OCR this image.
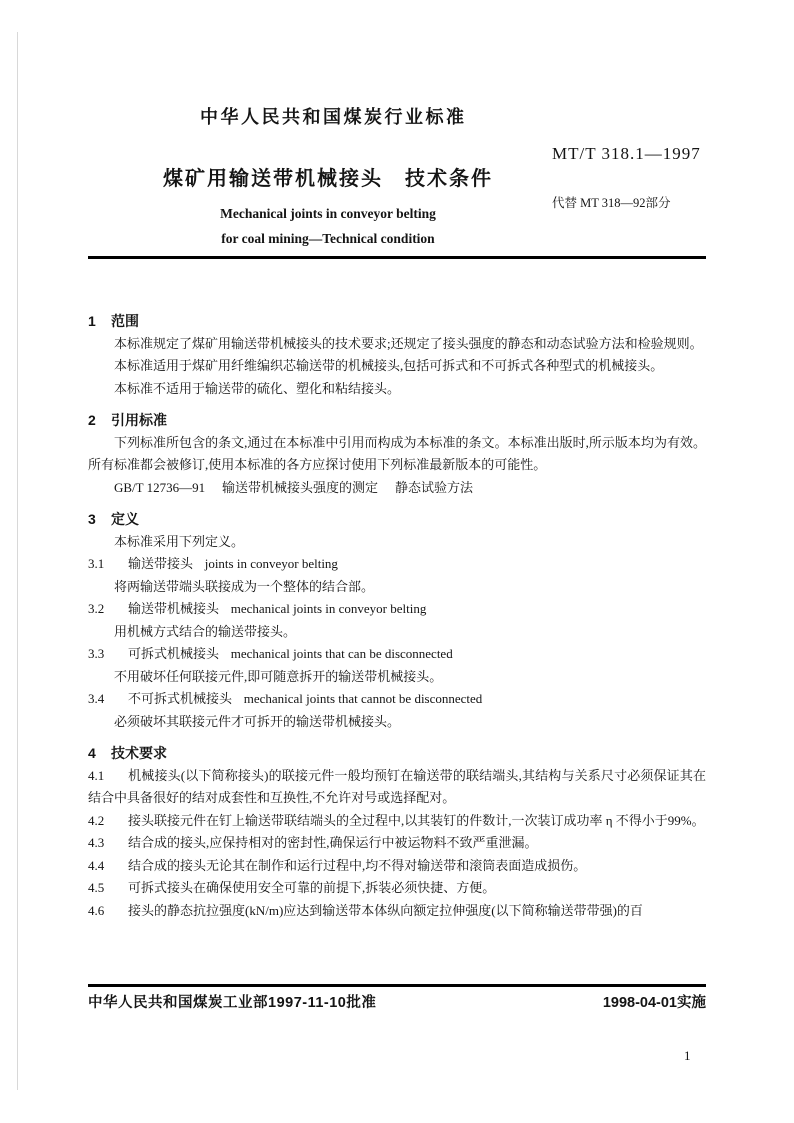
中华人民共和国煤炭行业标准
煤矿用输送带机械接头 技术条件
MT/T 318.1—1997
代替 MT 318—92部分
Mechanical joints in conveyor belting
for coal mining—Technical condition
1 范围

本标准规定了煤矿用输送带机械接头的技术要求;还规定了接头强度的静态和动态试验方法和检验规则。

本标准适用于煤矿用纤维编织芯输送带的机械接头,包括可拆式和不可拆式各种型式的机械接头。

本标准不适用于输送带的硫化、塑化和粘结接头。

2 引用标准

下列标准所包含的条文,通过在本标准中引用而构成为本标准的条文。本标准出版时,所示版本均为有效。所有标准都会被修订,使用本标准的各方应探讨使用下列标准最新版本的可能性。

GB/T 12736—91 输送带机械接头强度的测定 静态试验方法

3 定义

本标准采用下列定义。

3.1 输送带接头 joints in conveyor belting

将两输送带端头联接成为一个整体的结合部。

3.2 输送带机械接头 mechanical joints in conveyor belting

用机械方式结合的输送带接头。

3.3 可拆式机械接头 mechanical joints that can be disconnected

不用破坏任何联接元件,即可随意拆开的输送带机械接头。

3.4 不可拆式机械接头 mechanical joints that cannot be disconnected

必须破坏其联接元件才可拆开的输送带机械接头。

4 技术要求

4.1 机械接头(以下简称接头)的联接元件一般均预钉在输送带的联结端头,其结构与关系尺寸必须保证其在结合中具备很好的结对成套性和互换性,不允许对号或选择配对。

4.2 接头联接元件在钉上输送带联结端头的全过程中,以其装钉的件数计,一次装订成功率 η 不得小于99%。

4.3 结合成的接头,应保持相对的密封性,确保运行中被运物料不致严重泄漏。

4.4 结合成的接头无论其在制作和运行过程中,均不得对输送带和滚筒表面造成损伤。

4.5 可拆式接头在确保使用安全可靠的前提下,拆装必须快捷、方便。

4.6 接头的静态抗拉强度(kN/m)应达到输送带本体纵向额定拉伸强度(以下简称输送带带强)的百

中华人民共和国煤炭工业部1997-11-10批准	1998-04-01实施
1
